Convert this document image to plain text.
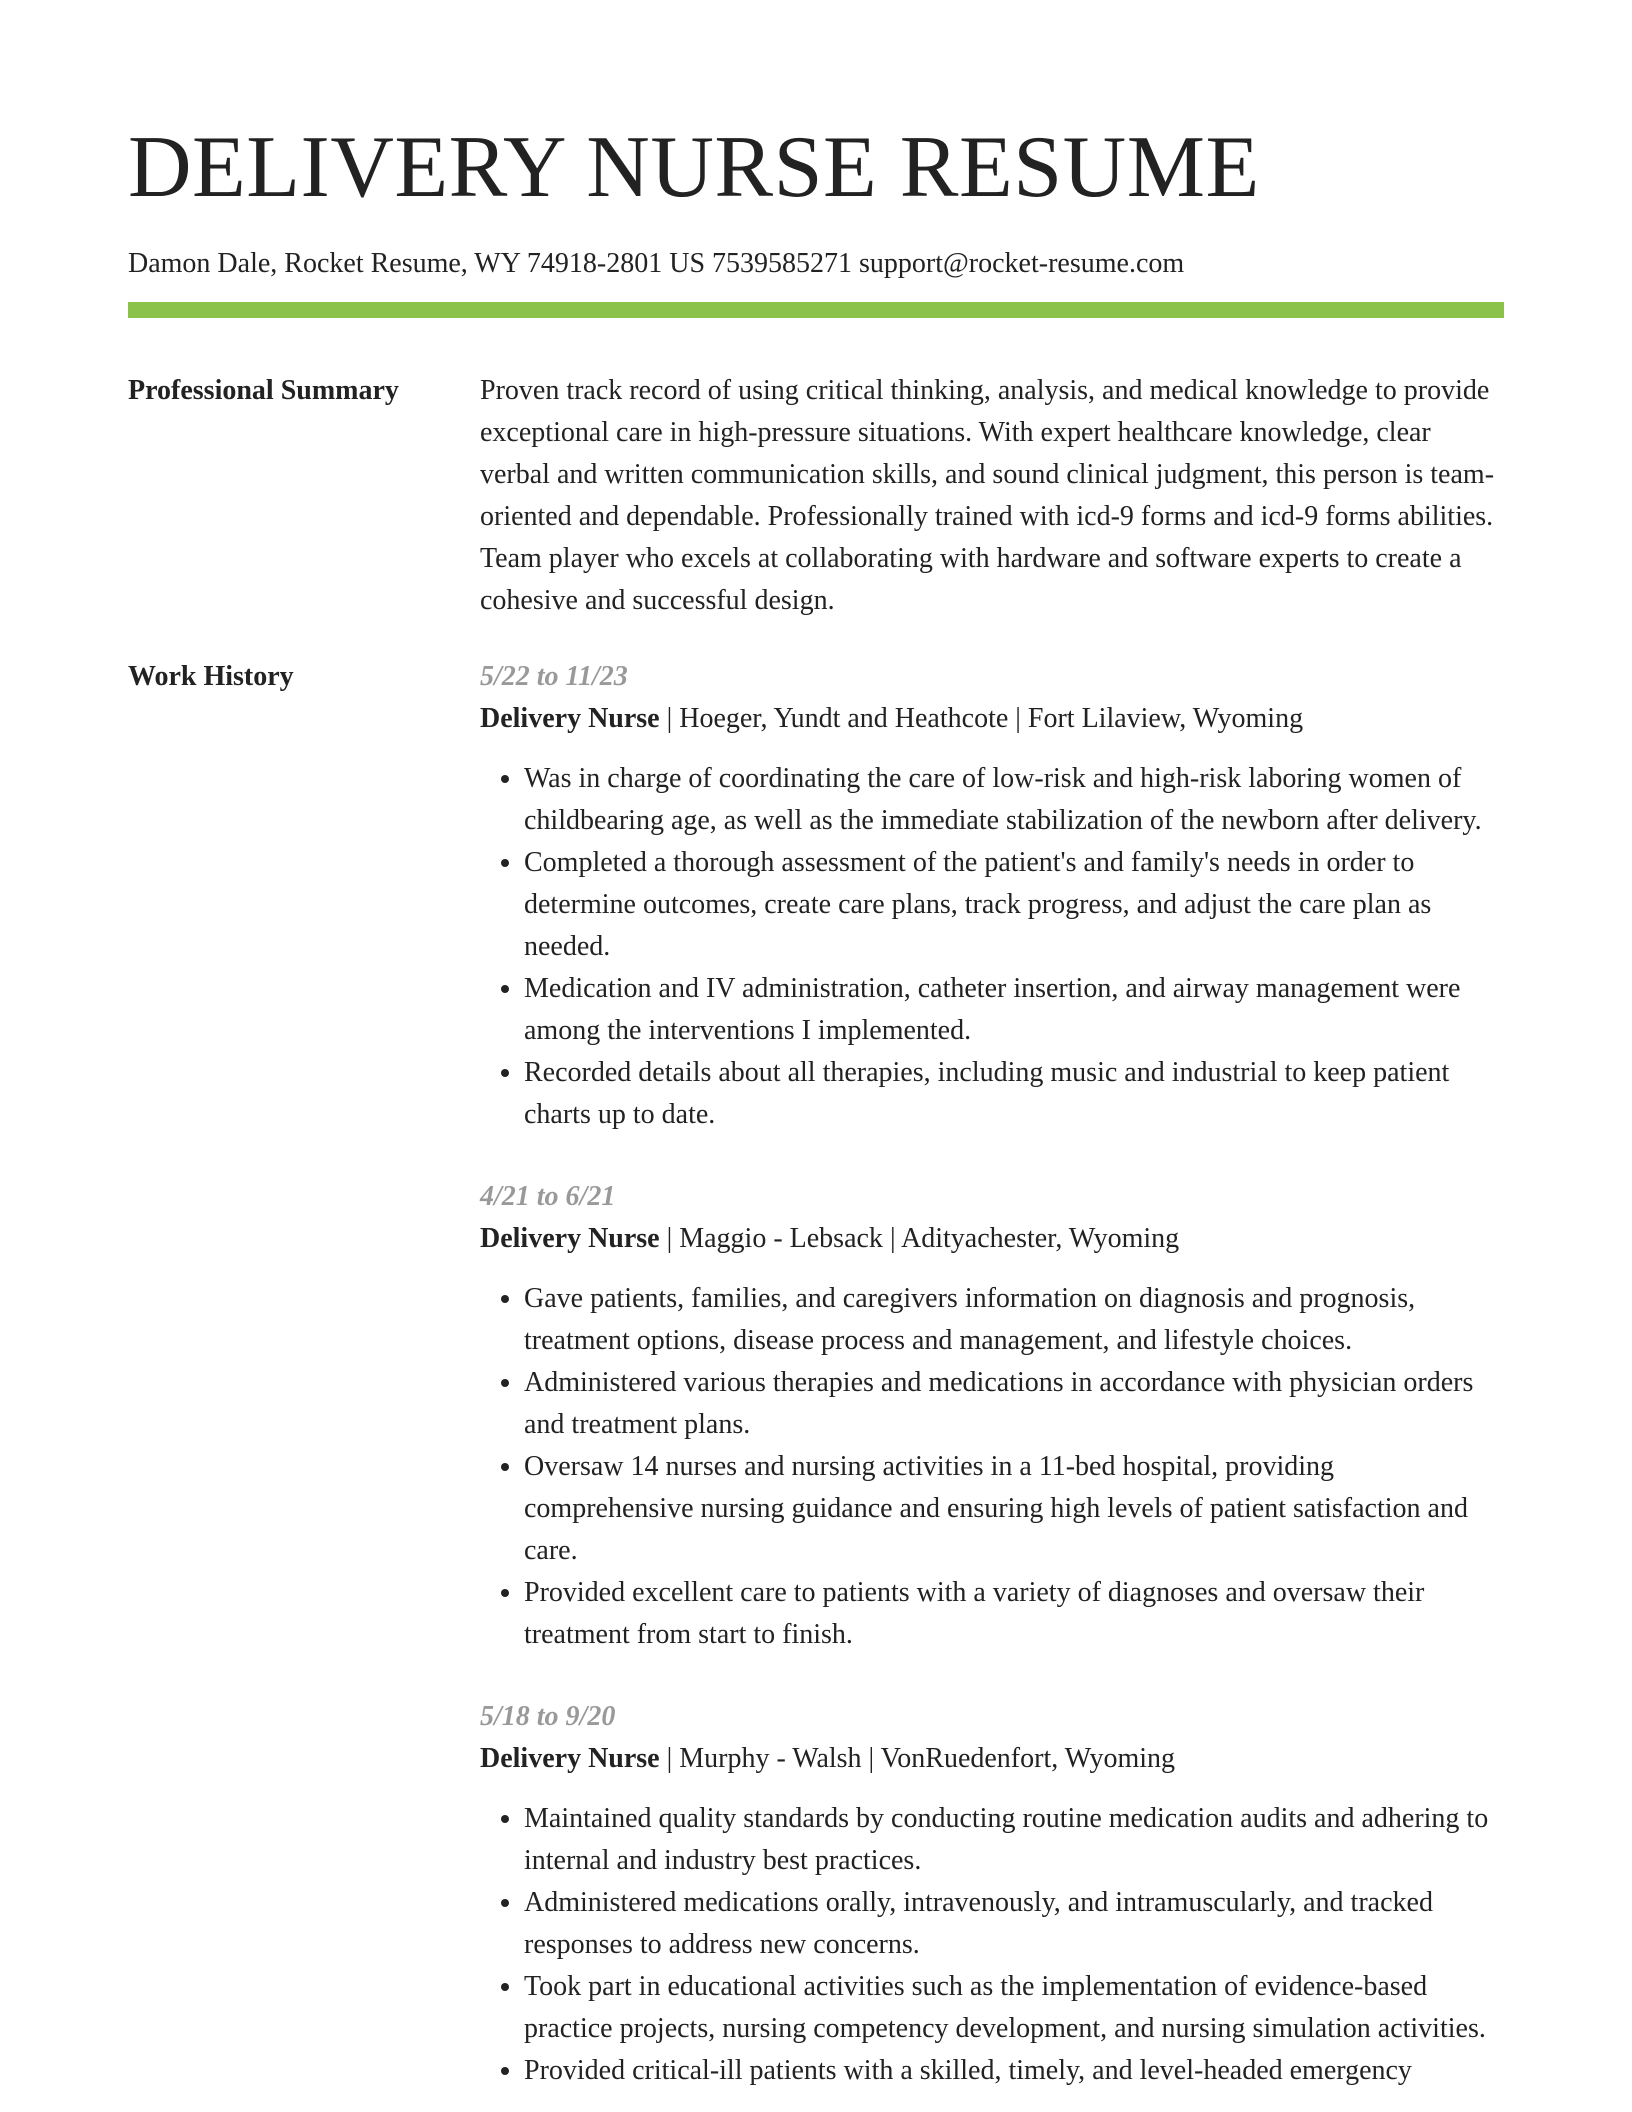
DELIVERY NURSE RESUME
Damon Dale, Rocket Resume, WY 74918-2801 US 7539585271 support@rocket-resume.com
Professional Summary	Proven track record of using critical thinking, analysis, and medical knowledge to provide exceptional care in high-pressure situations. With expert healthcare knowledge, clear verbal and written communication skills, and sound clinical judgment, this person is team-oriented and dependable. Professionally trained with icd-9 forms and icd-9 forms abilities. Team player who excels at collaborating with hardware and software experts to create a cohesive and successful design.

Work History	5/22 to 11/23
Delivery Nurse | Hoeger, Yundt and Heathcote | Fort Lilaview, Wyoming
• Was in charge of coordinating the care of low-risk and high-risk laboring women of childbearing age, as well as the immediate stabilization of the newborn after delivery.
• Completed a thorough assessment of the patient's and family's needs in order to determine outcomes, create care plans, track progress, and adjust the care plan as needed.
• Medication and IV administration, catheter insertion, and airway management were among the interventions I implemented.
• Recorded details about all therapies, including music and industrial to keep patient charts up to date.
4/21 to 6/21
Delivery Nurse | Maggio - Lebsack | Adityachester, Wyoming
• Gave patients, families, and caregivers information on diagnosis and prognosis, treatment options, disease process and management, and lifestyle choices.
• Administered various therapies and medications in accordance with physician orders and treatment plans.
• Oversaw 14 nurses and nursing activities in a 11-bed hospital, providing comprehensive nursing guidance and ensuring high levels of patient satisfaction and care.
• Provided excellent care to patients with a variety of diagnoses and oversaw their treatment from start to finish.
5/18 to 9/20
Delivery Nurse | Murphy - Walsh | VonRuedenfort, Wyoming
• Maintained quality standards by conducting routine medication audits and adhering to internal and industry best practices.
• Administered medications orally, intravenously, and intramuscularly, and tracked responses to address new concerns.
• Took part in educational activities such as the implementation of evidence-based practice projects, nursing competency development, and nursing simulation activities.
• Provided critical-ill patients with a skilled, timely, and level-headed emergency
